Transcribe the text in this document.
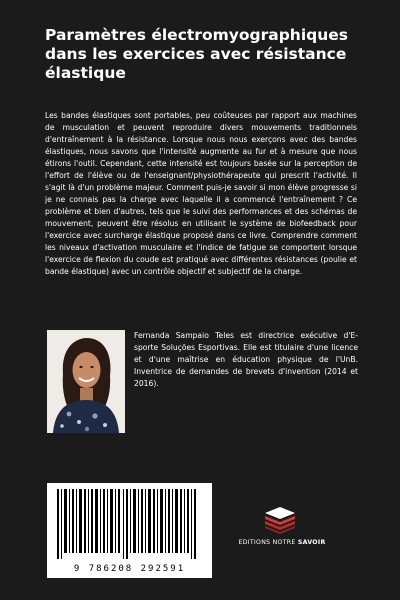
Paramètres électromyographiques dans les exercices avec résistance élastique

Les bandes élastiques sont portables, peu coûteuses par rapport aux machines de musculation et peuvent reproduire divers mouvements traditionnels d'entraînement à la résistance. Lorsque nous nous exerçons avec des bandes élastiques, nous savons que l'intensité augmente au fur et à mesure que nous étirons l'outil. Cependant, cette intensité est toujours basée sur la perception de l'effort de l'élève ou de l'enseignant/physiothérapeute qui prescrit l'activité. Il s'agit là d'un problème majeur. Comment puis-je savoir si mon élève progresse si je ne connais pas la charge avec laquelle il a commencé l'entraînement ? Ce problème et bien d'autres, tels que le suivi des performances et des schémas de mouvement, peuvent être résolus en utilisant le système de biofeedback pour l'exercice avec surcharge élastique proposé dans ce livre. Comprendre comment les niveaux d'activation musculaire et l'indice de fatigue se comportent lorsque l'exercice de flexion du coude est pratiqué avec différentes résistances (poulie et bande élastique) avec un contrôle objectif et subjectif de la charge.

Fernanda Sampaio Teles est directrice exécutive d'E-sporte Soluções Esportivas. Elle est titulaire d'une licence et d'une maîtrise en éducation physique de l'UnB. Inventrice de demandes de brevets d'invention (2014 et 2016).

9 786208 292591

EDITIONS NOTRE SAVOIR
